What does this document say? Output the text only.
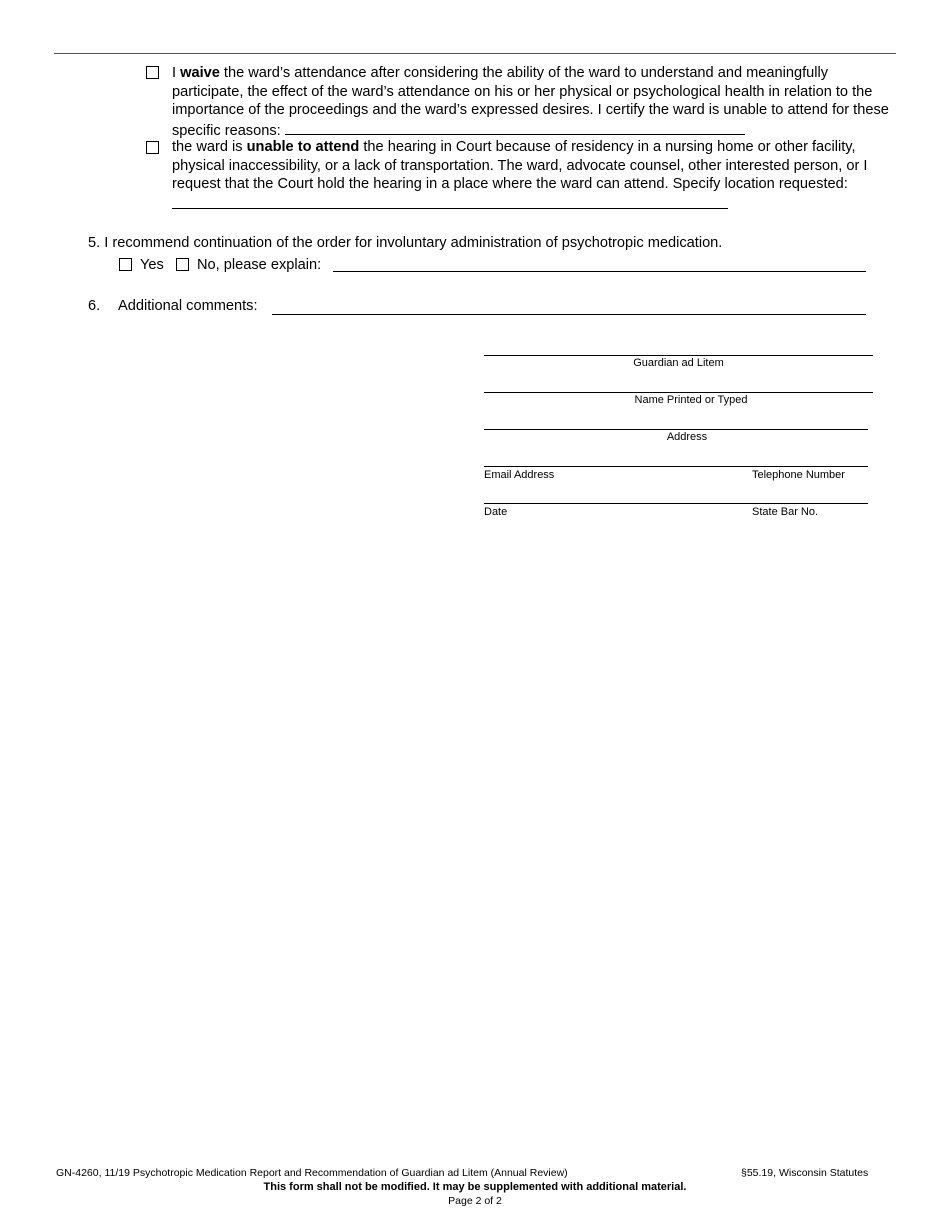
I waive the ward’s attendance after considering the ability of the ward to understand and meaningfully participate, the effect of the ward’s attendance on his or her physical or psychological health in relation to the importance of the proceedings and the ward’s expressed desires. I certify the ward is unable to attend for these specific reasons:
the ward is unable to attend the hearing in Court because of residency in a nursing home or other facility, physical inaccessibility, or a lack of transportation. The ward, advocate counsel, other interested person, or I request that the Court hold the hearing in a place where the ward can attend. Specify location requested:
5. I recommend continuation of the order for involuntary administration of psychotropic medication.
Yes No, please explain:
6. Additional comments:
Guardian ad Litem
Name Printed or Typed
Address
Email Address	Telephone Number
Date	State Bar No.
GN-4260, 11/19 Psychotropic Medication Report and Recommendation of Guardian ad Litem (Annual Review)	§55.19, Wisconsin Statutes
This form shall not be modified. It may be supplemented with additional material.
Page 2 of 2
